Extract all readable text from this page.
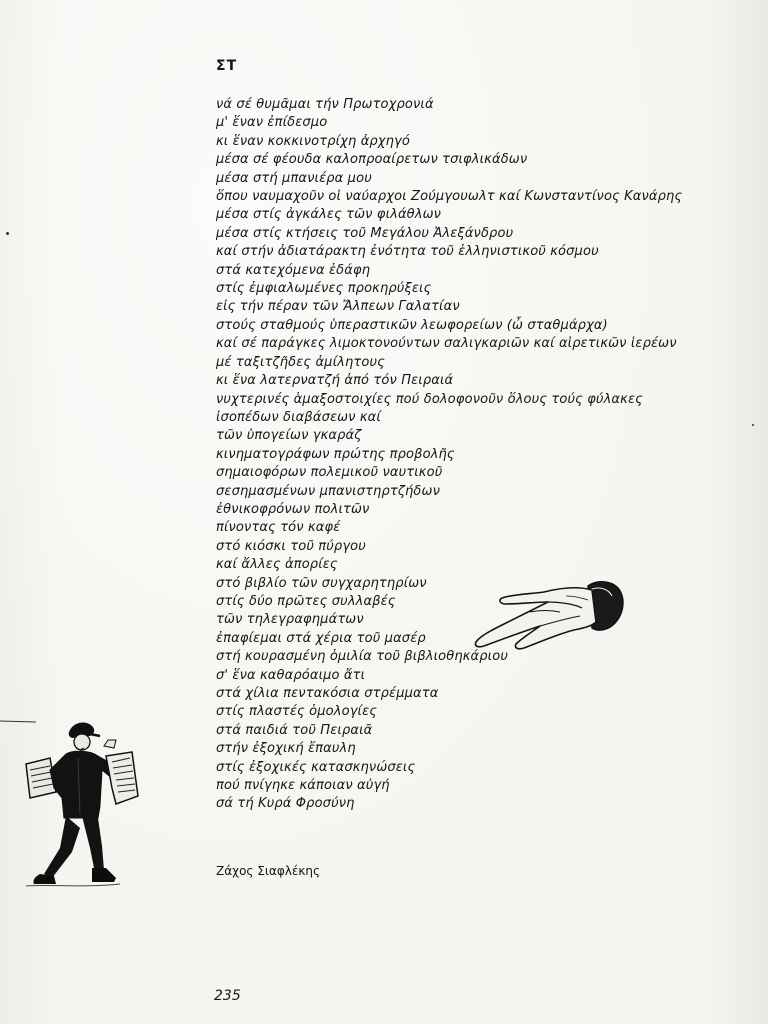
ΣΤ
νά σέ θυμᾶμαι τήν Πρωτοχρονιά
μ' ἕναν ἐπίδεσμο
κι ἕναν κοκκινοτρίχη ἀρχηγό
μέσα σέ φέουδα καλοπροαίρετων τσιφλικάδων
μέσα στή μπανιέρα μου
ὅπου ναυμαχοῦν οἱ ναύαρχοι Ζούμγουωλτ καί Κωνσταντίνος Κανάρης
μέσα στίς ἀγκάλες τῶν φιλάθλων
μέσα στίς κτήσεις τοῦ Μεγάλου Ἀλεξάνδρου
καί στήν ἀδιατάρακτη ἐνότητα τοῦ ἑλληνιστικοῦ κόσμου
στά κατεχόμενα ἐδάφη
στίς ἐμφιαλωμένες προκηρύξεις
εἰς τήν πέραν τῶν Ἄλπεων Γαλατίαν
στούς σταθμούς ὑπεραστικῶν λεωφορείων (ὦ σταθμάρχα)
καί σέ παράγκες λιμοκτονούντων σαλιγκαριῶν καί αἱρετικῶν ἱερέων
μέ ταξιτζῆδες ἀμίλητους
κι ἕνα λατερνατζή ἀπό τόν Πειραιά
νυχτερινές ἁμαξοστοιχίες πού δολοφονοῦν ὅλους τούς φύλακες
ἰσοπέδων διαβάσεων καί
τῶν ὑπογείων γκαράζ
κινηματογράφων πρώτης προβολῆς
σημαιοφόρων πολεμικοῦ ναυτικοῦ
σεσημασμένων μπανιστηρτζήδων
ἐθνικοφρόνων πολιτῶν
πίνοντας τόν καφέ
στό κιόσκι τοῦ πύργου
καί ἄλλες ἀπορίες
στό βιβλίο τῶν συγχαρητηρίων
στίς δύο πρῶτες συλλαβές
τῶν τηλεγραφημάτων
ἐπαφίεμαι στά χέρια τοῦ μασέρ
στή κουρασμένη ὁμιλία τοῦ βιβλιοθηκάριου
σ' ἕνα καθαρόαιμο ἄτι
στά χίλια πεντακόσια στρέμματα
στίς πλαστές ὁμολογίες
στά παιδιά τοῦ Πειραιᾶ
στήν ἐξοχική ἔπαυλη
στίς ἐξοχικές κατασκηνώσεις
πού πνίγηκε κάποιαν αὐγή
σά τή Κυρά Φροσύνη

Ζάχος Σιαφλέκης

235
